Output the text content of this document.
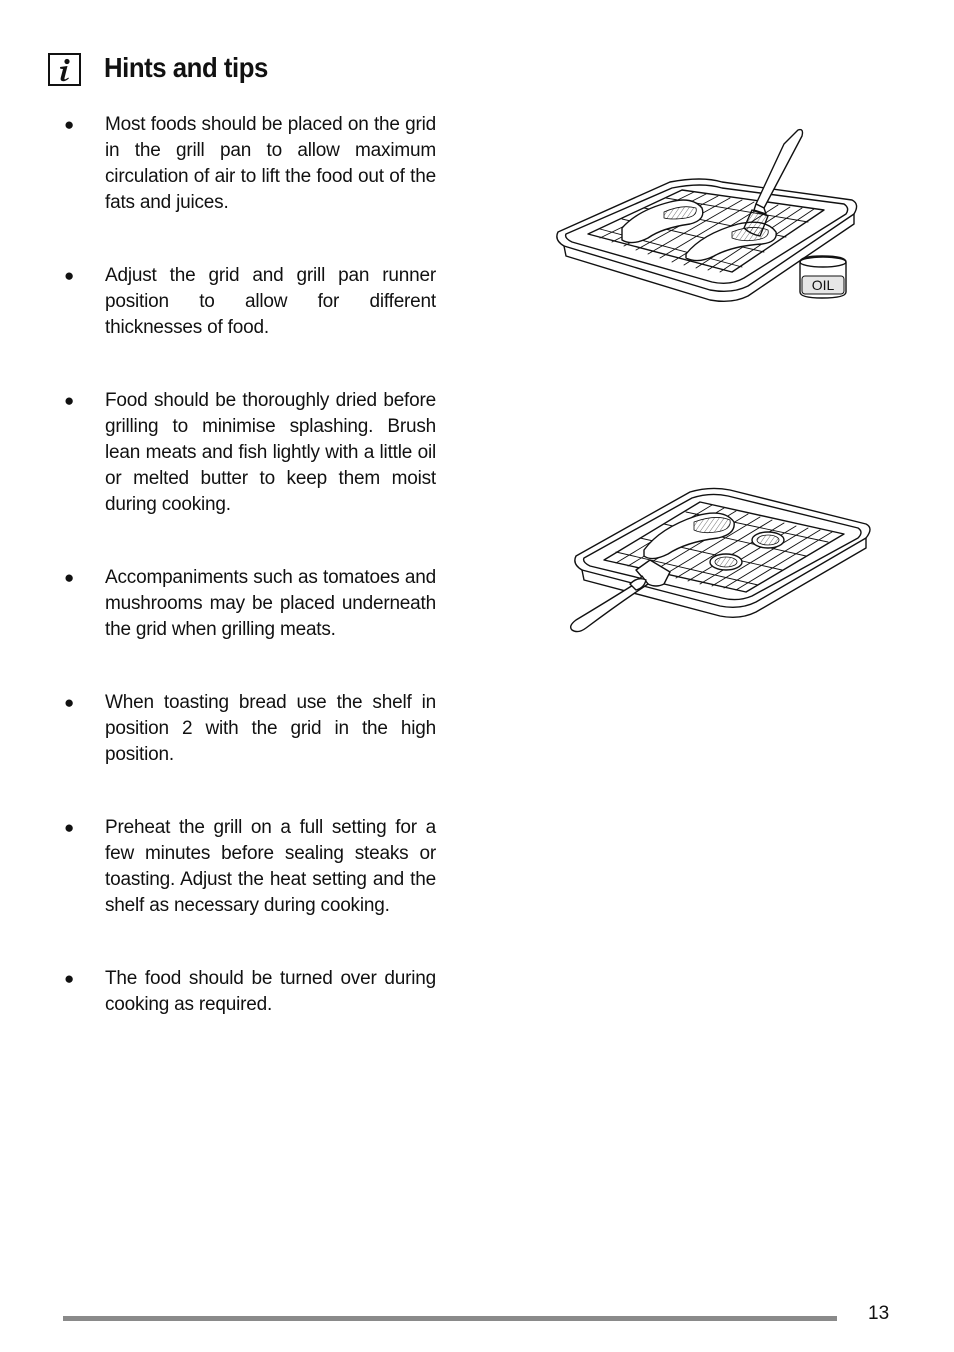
Hints and tips
● Most foods should be placed on the grid in the grill pan to allow maximum circulation of air to lift the food out of the fats and juices.
● Adjust the grid and grill pan runner position to allow for different thicknesses of food.
● Food should be thoroughly dried before grilling to minimise splashing. Brush lean meats and fish lightly with a little oil or melted butter to keep them moist during cooking.
● Accompaniments such as tomatoes and mushrooms may be placed underneath the grid when grilling meats.
● When toasting bread use the shelf in position 2 with the grid in the high position.
● Preheat the grill on a full setting for a few minutes before sealing steaks or toasting. Adjust the heat setting and the shelf as necessary during cooking.
● The food should be turned over during cooking as required.
OIL
13
